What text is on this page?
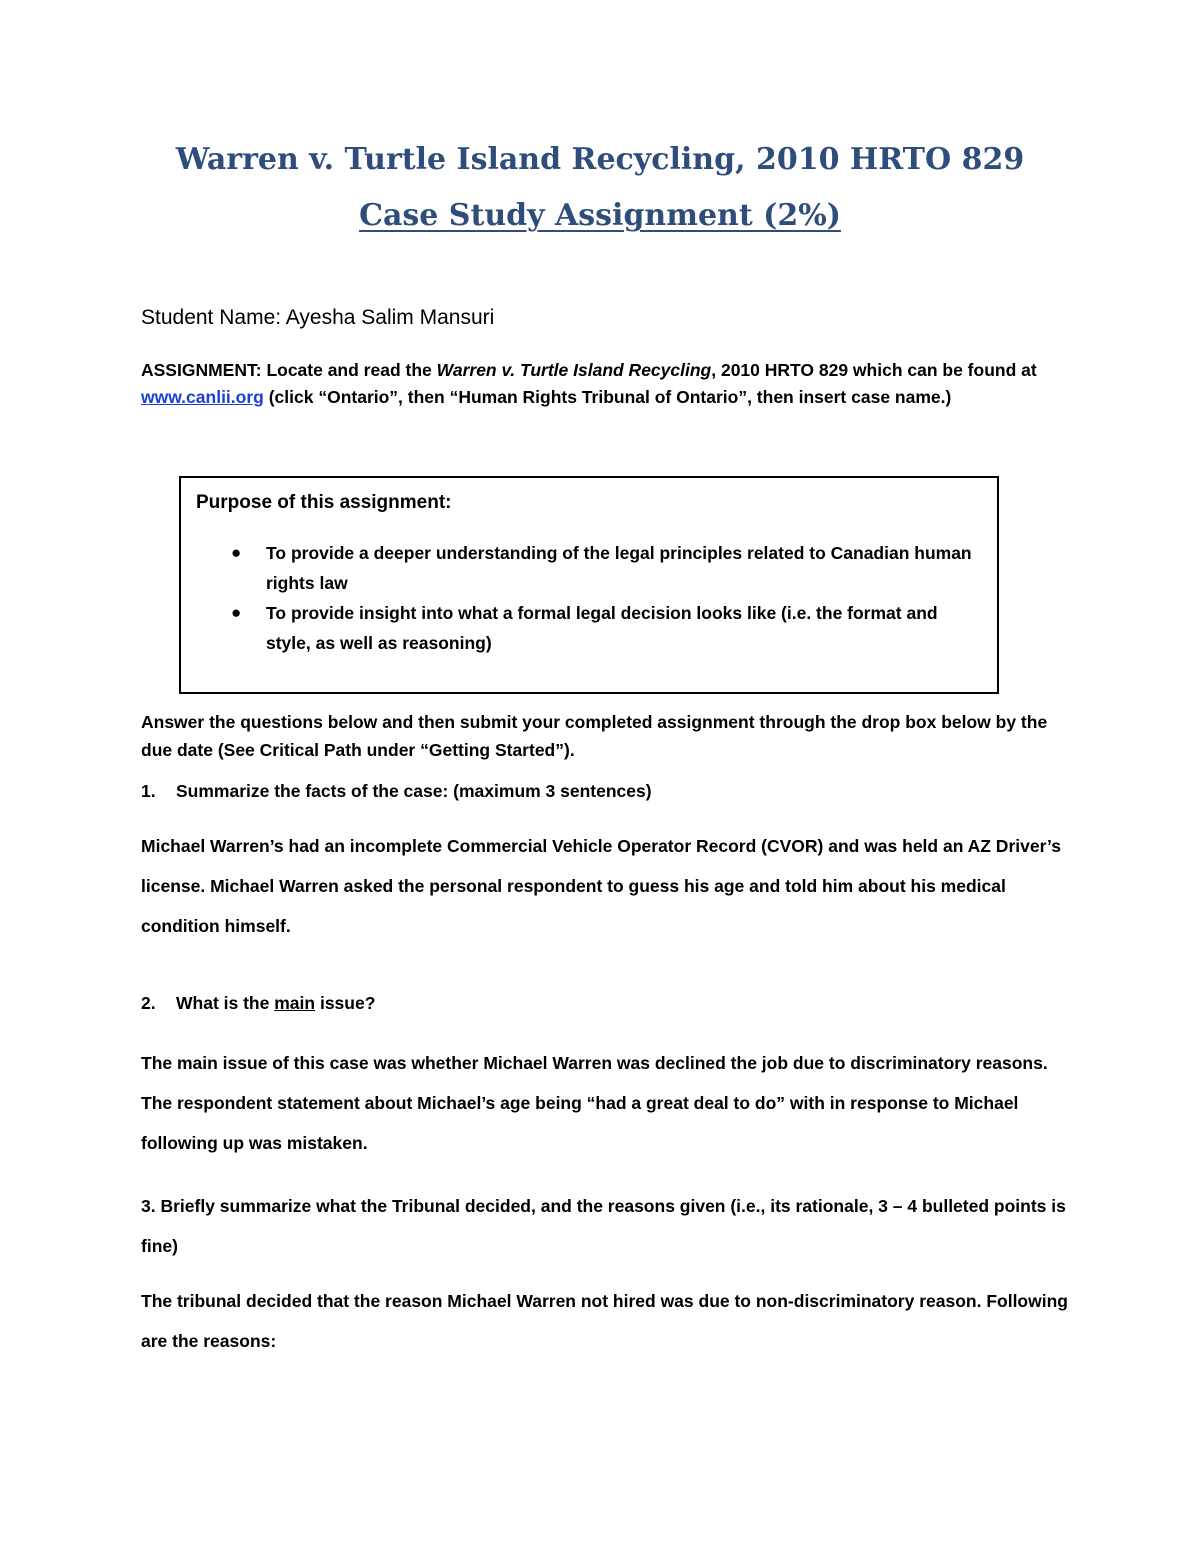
Warren v. Turtle Island Recycling, 2010 HRTO 829
Case Study Assignment (2%)

Student Name: Ayesha Salim Mansuri

ASSIGNMENT: Locate and read the Warren v. Turtle Island Recycling, 2010 HRTO 829 which can be found at www.canlii.org (click “Ontario”, then “Human Rights Tribunal of Ontario”, then insert case name.)

Purpose of this assignment:

● To provide a deeper understanding of the legal principles related to Canadian human rights law
● To provide insight into what a formal legal decision looks like (i.e. the format and style, as well as reasoning)

Answer the questions below and then submit your completed assignment through the drop box below by the due date (See Critical Path under “Getting Started”).

1. Summarize the facts of the case: (maximum 3 sentences)

Michael Warren’s had an incomplete Commercial Vehicle Operator Record (CVOR) and was held an AZ Driver’s license. Michael Warren asked the personal respondent to guess his age and told him about his medical condition himself.

2. What is the main issue?

The main issue of this case was whether Michael Warren was declined the job due to discriminatory reasons. The respondent statement about Michael’s age being “had a great deal to do” with in response to Michael following up was mistaken.

3. Briefly summarize what the Tribunal decided, and the reasons given (i.e., its rationale, 3 – 4 bulleted points is fine)

The tribunal decided that the reason Michael Warren not hired was due to non-discriminatory reason. Following are the reasons:
